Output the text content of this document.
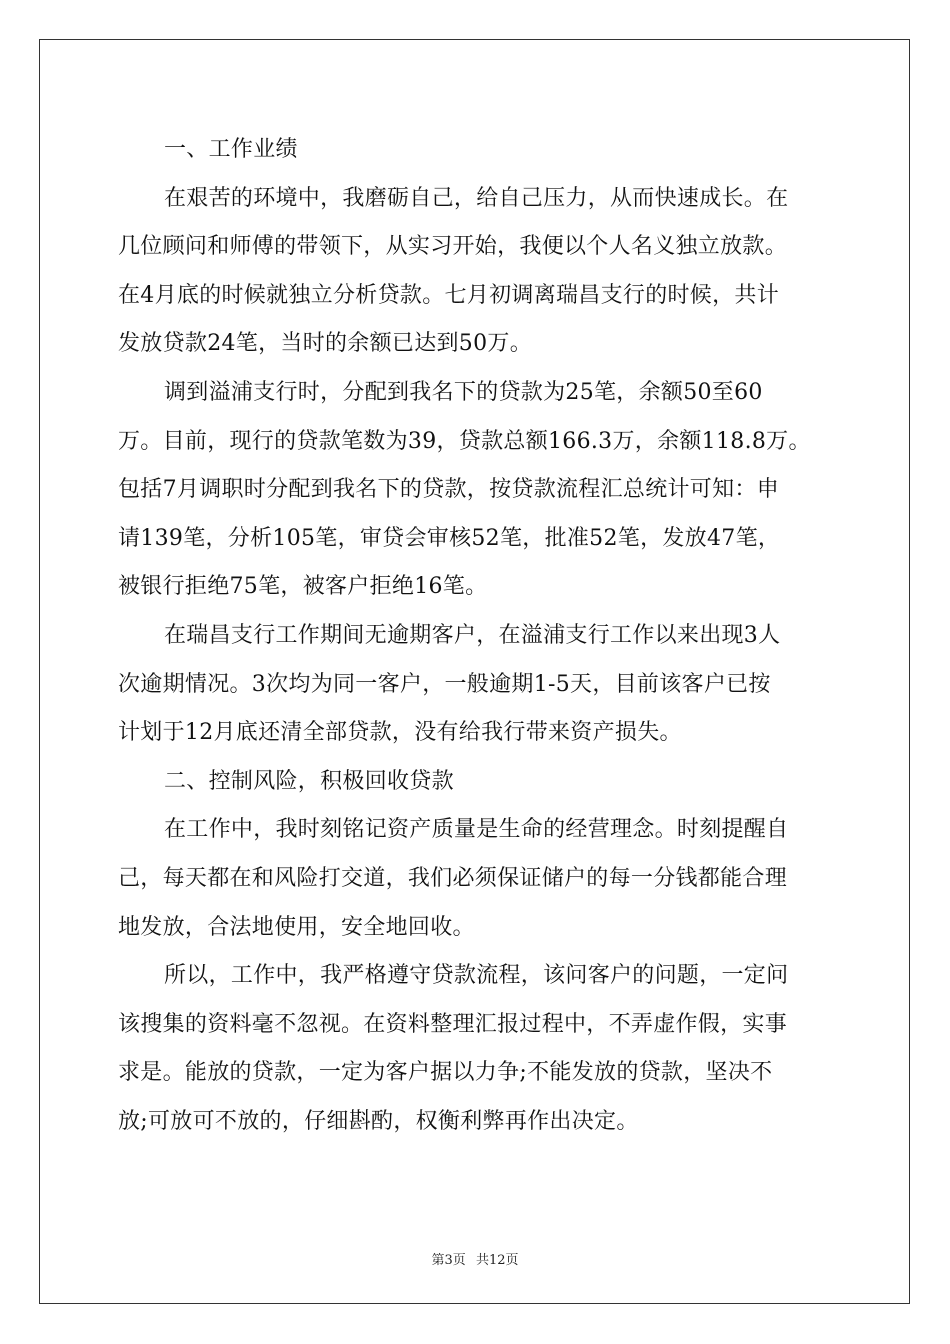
一、工作业绩
在艰苦的环境中，我磨砺自己，给自己压力，从而快速成长。在
几位顾问和师傅的带领下，从实习开始，我便以个人名义独立放款。
在4月底的时候就独立分析贷款。七月初调离瑞昌支行的时候，共计
发放贷款24笔，当时的余额已达到50万。
调到溢浦支行时，分配到我名下的贷款为25笔，余额50至60
万。目前，现行的贷款笔数为39，贷款总额166.3万，余额118.8万。
包括7月调职时分配到我名下的贷款，按贷款流程汇总统计可知：申
请139笔，分析105笔，审贷会审核52笔，批准52笔，发放47笔，
被银行拒绝75笔，被客户拒绝16笔。
在瑞昌支行工作期间无逾期客户，在溢浦支行工作以来出现3人
次逾期情况。3次均为同一客户，一般逾期1-5天，目前该客户已按
计划于12月底还清全部贷款，没有给我行带来资产损失。
二、控制风险，积极回收贷款
在工作中，我时刻铭记资产质量是生命的经营理念。时刻提醒自
己，每天都在和风险打交道，我们必须保证储户的每一分钱都能合理
地发放，合法地使用，安全地回收。
所以，工作中，我严格遵守贷款流程，该问客户的问题，一定问
该搜集的资料毫不忽视。在资料整理汇报过程中，不弄虚作假，实事
求是。能放的贷款，一定为客户据以力争;不能发放的贷款，坚决不
放;可放可不放的，仔细斟酌，权衡利弊再作出决定。
第3页 共12页
